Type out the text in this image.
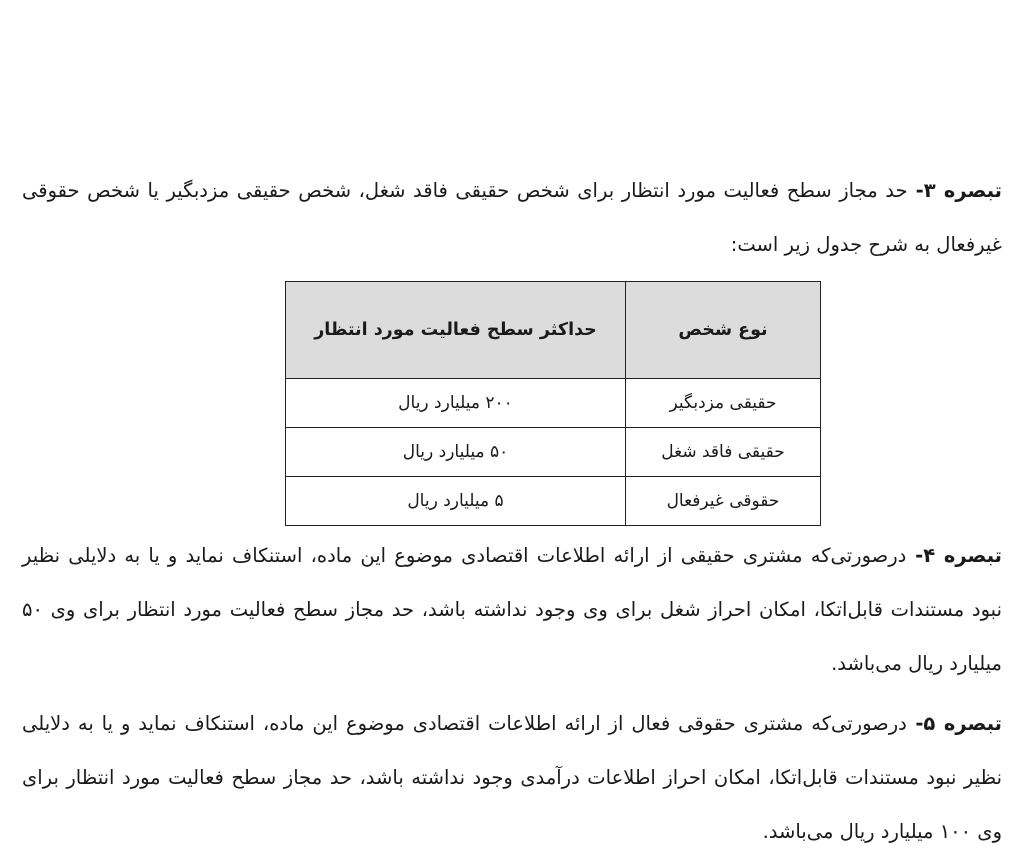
تبصره ۳- حد مجاز سطح فعالیت مورد انتظار برای شخص حقیقی فاقد شغل، شخص حقیقی مزدبگیر یا شخص حقوقی غیرفعال به شرح جدول زیر است:

نوع شخص	حداکثر سطح فعالیت مورد انتظار
حقیقی مزدبگیر	۲۰۰ میلیارد ریال
حقیقی فاقد شغل	۵۰ میلیارد ریال
حقوقی غیرفعال	۵ میلیارد ریال

تبصره ۴- درصورتی‌که مشتری حقیقی از ارائه اطلاعات اقتصادی موضوع این ماده، استنکاف نماید و یا به دلایلی نظیر نبود مستندات قابل‌اتکا، امکان احراز شغل برای وی وجود نداشته باشد، حد مجاز سطح فعالیت مورد انتظار برای وی ۵۰ میلیارد ریال می‌باشد.

تبصره ۵- درصورتی‌که مشتری حقوقی فعال از ارائه اطلاعات اقتصادی موضوع این ماده، استنکاف نماید و یا به دلایلی نظیر نبود مستندات قابل‌اتکا، امکان احراز اطلاعات درآمدی وجود نداشته باشد، حد مجاز سطح فعالیت مورد انتظار برای وی ۱۰۰ میلیارد ریال می‌باشد.
